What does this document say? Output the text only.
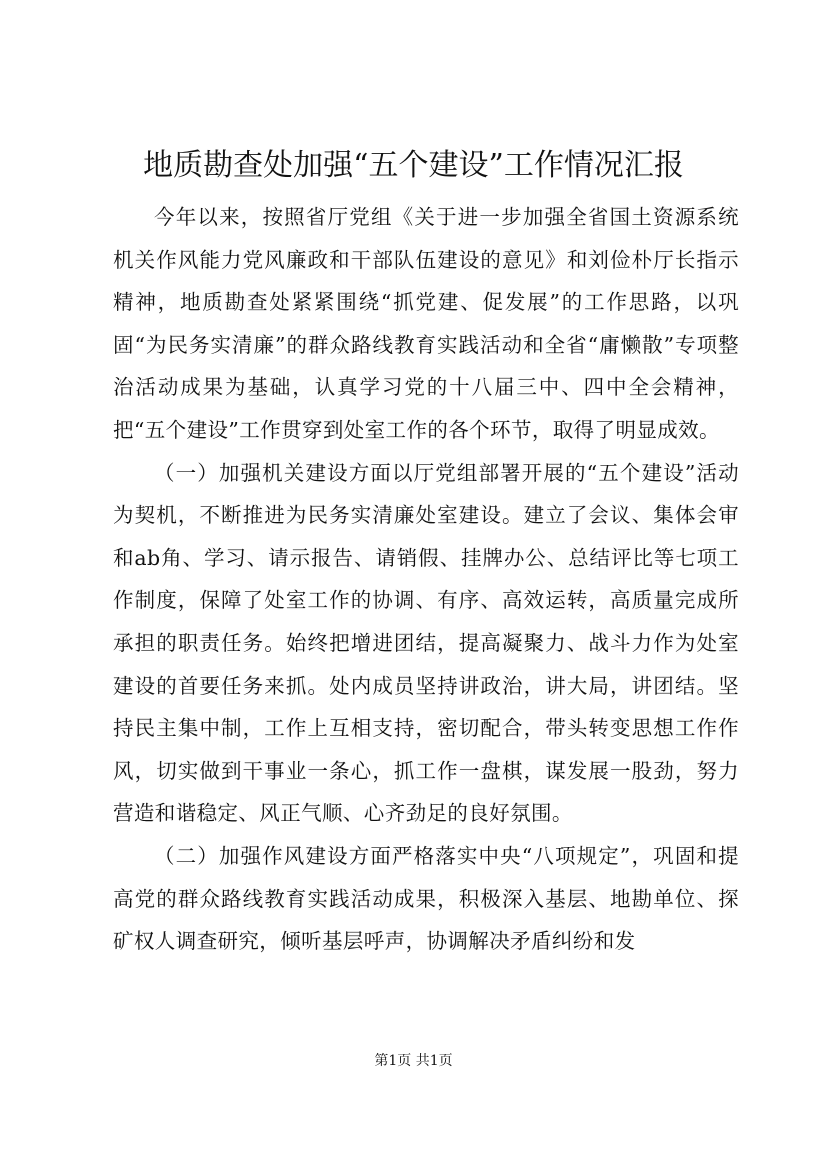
地质勘查处加强“五个建设”工作情况汇报

今年以来，按照省厅党组《关于进一步加强全省国土资源系统机关作风能力党风廉政和干部队伍建设的意见》和刘俭朴厅长指示精神，地质勘查处紧紧围绕“抓党建、促发展”的工作思路，以巩固“为民务实清廉”的群众路线教育实践活动和全省“庸懒散”专项整治活动成果为基础，认真学习党的十八届三中、四中全会精神，把“五个建设”工作贯穿到处室工作的各个环节，取得了明显成效。

（一）加强机关建设方面以厅党组部署开展的“五个建设”活动为契机，不断推进为民务实清廉处室建设。建立了会议、集体会审和ab角、学习、请示报告、请销假、挂牌办公、总结评比等七项工作制度，保障了处室工作的协调、有序、高效运转，高质量完成所承担的职责任务。始终把增进团结，提高凝聚力、战斗力作为处室建设的首要任务来抓。处内成员坚持讲政治，讲大局，讲团结。坚持民主集中制，工作上互相支持，密切配合，带头转变思想工作作风，切实做到干事业一条心，抓工作一盘棋，谋发展一股劲，努力营造和谐稳定、风正气顺、心齐劲足的良好氛围。

（二）加强作风建设方面严格落实中央“八项规定”，巩固和提高党的群众路线教育实践活动成果，积极深入基层、地勘单位、探矿权人调查研究，倾听基层呼声，协调解决矛盾纠纷和发

第1页 共1页
